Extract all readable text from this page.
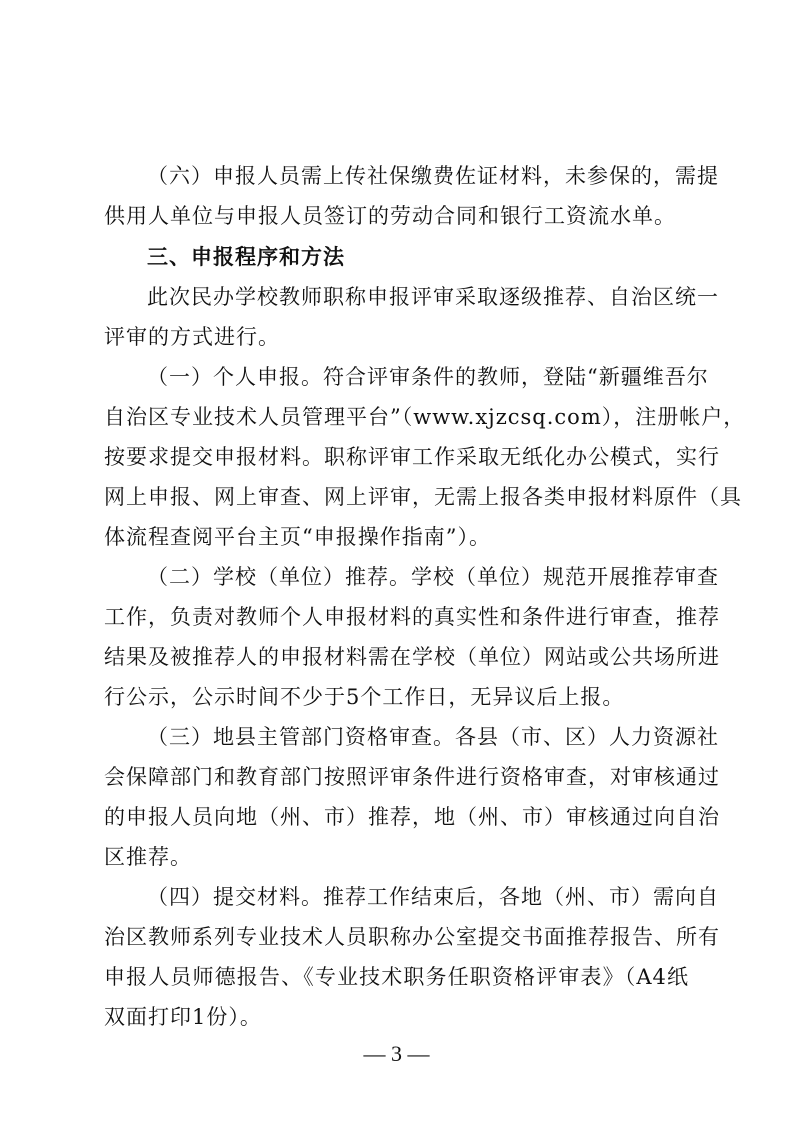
（六）申报人员需上传社保缴费佐证材料，未参保的，需提
供用人单位与申报人员签订的劳动合同和银行工资流水单。
三、申报程序和方法
此次民办学校教师职称申报评审采取逐级推荐、自治区统一
评审的方式进行。
（一）个人申报。符合评审条件的教师，登陆“新疆维吾尔
自治区专业技术人员管理平台”（www.xjzcsq.com），注册帐户，
按要求提交申报材料。职称评审工作采取无纸化办公模式，实行
网上申报、网上审查、网上评审，无需上报各类申报材料原件（具
体流程查阅平台主页“申报操作指南”）。
（二）学校（单位）推荐。学校（单位）规范开展推荐审查
工作，负责对教师个人申报材料的真实性和条件进行审查，推荐
结果及被推荐人的申报材料需在学校（单位）网站或公共场所进
行公示，公示时间不少于5个工作日，无异议后上报。
（三）地县主管部门资格审查。各县（市、区）人力资源社
会保障部门和教育部门按照评审条件进行资格审查，对审核通过
的申报人员向地（州、市）推荐，地（州、市）审核通过向自治
区推荐。
（四）提交材料。推荐工作结束后，各地（州、市）需向自
治区教师系列专业技术人员职称办公室提交书面推荐报告、所有
申报人员师德报告、《专业技术职务任职资格评审表》（A4纸
双面打印1份）。
— 3 —
